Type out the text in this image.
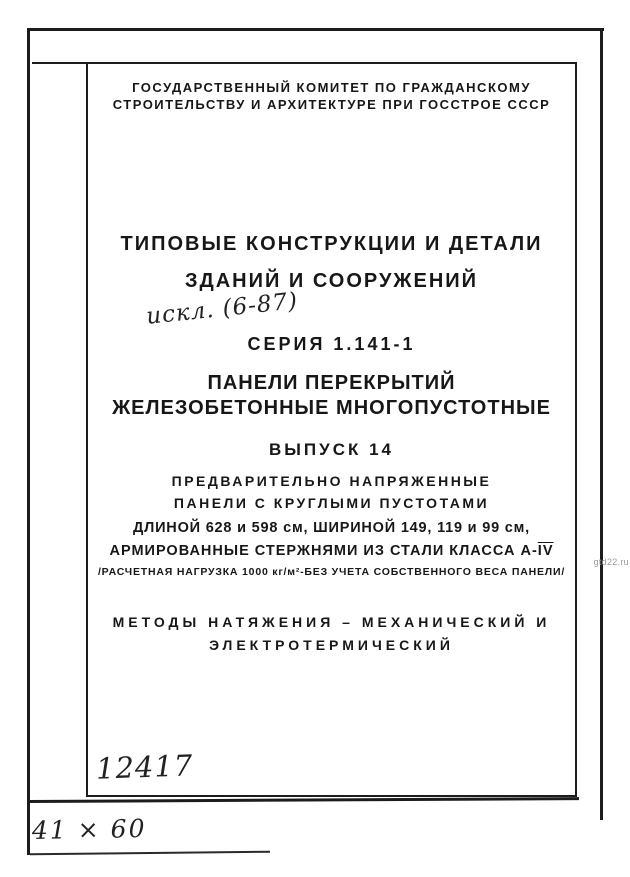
ГОСУДАРСТВЕННЫЙ КОМИТЕТ ПО ГРАЖДАНСКОМУ
СТРОИТЕЛЬСТВУ И АРХИТЕКТУРЕ ПРИ ГОССТРОЕ СССР
ТИПОВЫЕ КОНСТРУКЦИИ И ДЕТАЛИ
ЗДАНИЙ И СООРУЖЕНИЙ
искл. (6-87)
СЕРИЯ 1.141-1
ПАНЕЛИ ПЕРЕКРЫТИЙ
ЖЕЛЕЗОБЕТОННЫЕ МНОГОПУСТОТНЫЕ
ВЫПУСК 14
ПРЕДВАРИТЕЛЬНО НАПРЯЖЕННЫЕ
ПАНЕЛИ С КРУГЛЫМИ ПУСТОТАМИ
ДЛИНОЙ 628 и 598 см, ШИРИНОЙ 149, 119 и 99 см,
АРМИРОВАННЫЕ СТЕРЖНЯМИ ИЗ СТАЛИ КЛАССА $А-\overline{IV}$
/РАСЧЕТНАЯ НАГРУЗКА 1000 кг/м²-БЕЗ УЧЕТА СОБСТВЕННОГО ВЕСА ПАНЕЛИ/
МЕТОДЫ НАТЯЖЕНИЯ – МЕХАНИЧЕСКИЙ И
ЭЛЕКТРОТЕРМИЧЕСКИЙ
12417
41 × 60
gtd22.ru
